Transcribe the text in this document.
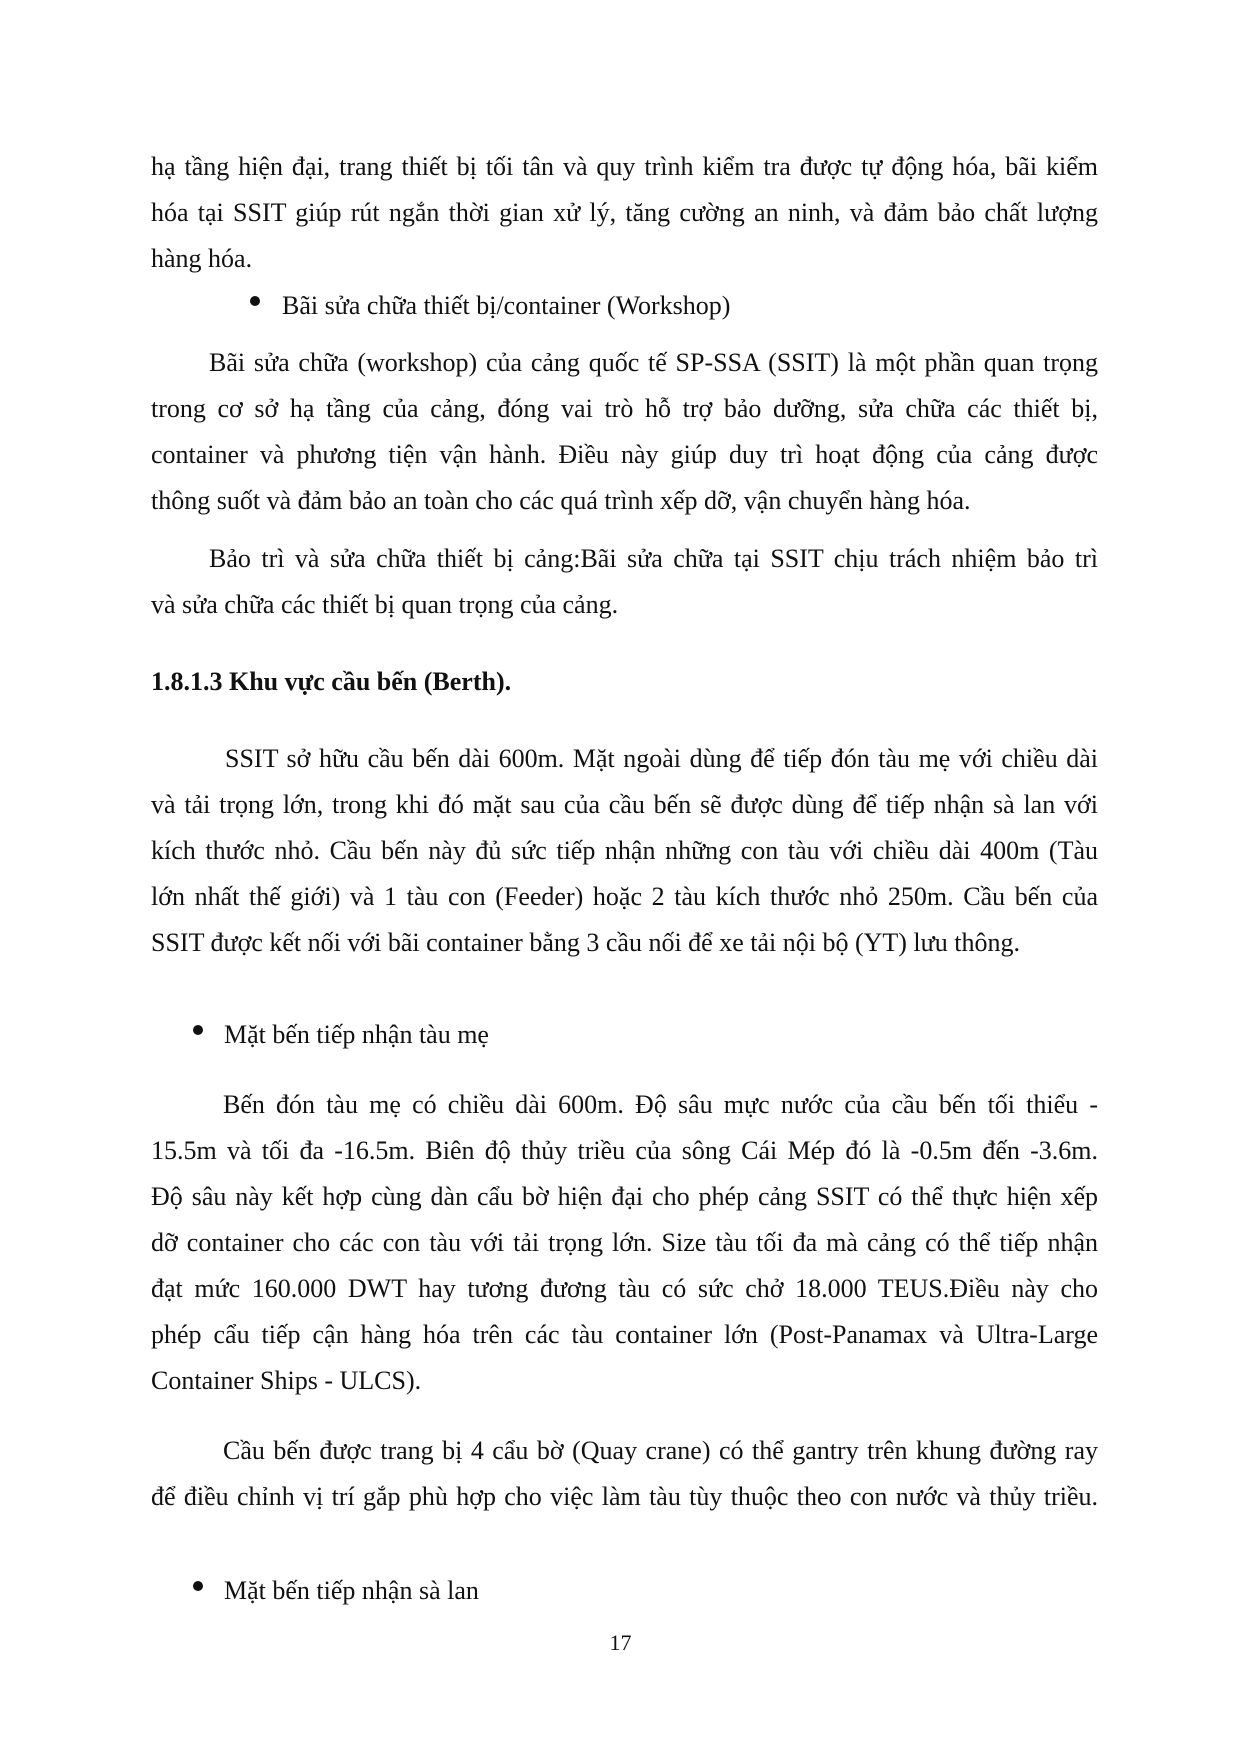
hạ tầng hiện đại, trang thiết bị tối tân và quy trình kiểm tra được tự động hóa, bãi kiểm
hóa tại SSIT giúp rút ngắn thời gian xử lý, tăng cường an ninh, và đảm bảo chất lượng
hàng hóa.
Bãi sửa chữa thiết bị/container (Workshop)
Bãi sửa chữa (workshop) của cảng quốc tế SP-SSA (SSIT) là một phần quan trọng
trong cơ sở hạ tầng của cảng, đóng vai trò hỗ trợ bảo dưỡng, sửa chữa các thiết bị,
container và phương tiện vận hành. Điều này giúp duy trì hoạt động của cảng được
thông suốt và đảm bảo an toàn cho các quá trình xếp dỡ, vận chuyển hàng hóa.
Bảo trì và sửa chữa thiết bị cảng:Bãi sửa chữa tại SSIT chịu trách nhiệm bảo trì
và sửa chữa các thiết bị quan trọng của cảng.
1.8.1.3 Khu vực cầu bến (Berth).
SSIT sở hữu cầu bến dài 600m. Mặt ngoài dùng để tiếp đón tàu mẹ với chiều dài
và tải trọng lớn, trong khi đó mặt sau của cầu bến sẽ được dùng để tiếp nhận sà lan với
kích thước nhỏ. Cầu bến này đủ sức tiếp nhận những con tàu với chiều dài 400m (Tàu
lớn nhất thế giới) và 1 tàu con (Feeder) hoặc 2 tàu kích thước nhỏ 250m. Cầu bến của
SSIT được kết nối với bãi container bằng 3 cầu nối để xe tải nội bộ (YT) lưu thông.
Mặt bến tiếp nhận tàu mẹ
Bến đón tàu mẹ có chiều dài 600m. Độ sâu mực nước của cầu bến tối thiểu -
15.5m và tối đa -16.5m. Biên độ thủy triều của sông Cái Mép đó là -0.5m đến -3.6m.
Độ sâu này kết hợp cùng dàn cẩu bờ hiện đại cho phép cảng SSIT có thể thực hiện xếp
dỡ container cho các con tàu với tải trọng lớn. Size tàu tối đa mà cảng có thể tiếp nhận
đạt mức 160.000 DWT hay tương đương tàu có sức chở 18.000 TEUS.Điều này cho
phép cẩu tiếp cận hàng hóa trên các tàu container lớn (Post-Panamax và Ultra-Large
Container Ships - ULCS).
Cầu bến được trang bị 4 cẩu bờ (Quay crane) có thể gantry trên khung đường ray
để điều chỉnh vị trí gắp phù hợp cho việc làm tàu tùy thuộc theo con nước và thủy triều.
Mặt bến tiếp nhận sà lan
17
